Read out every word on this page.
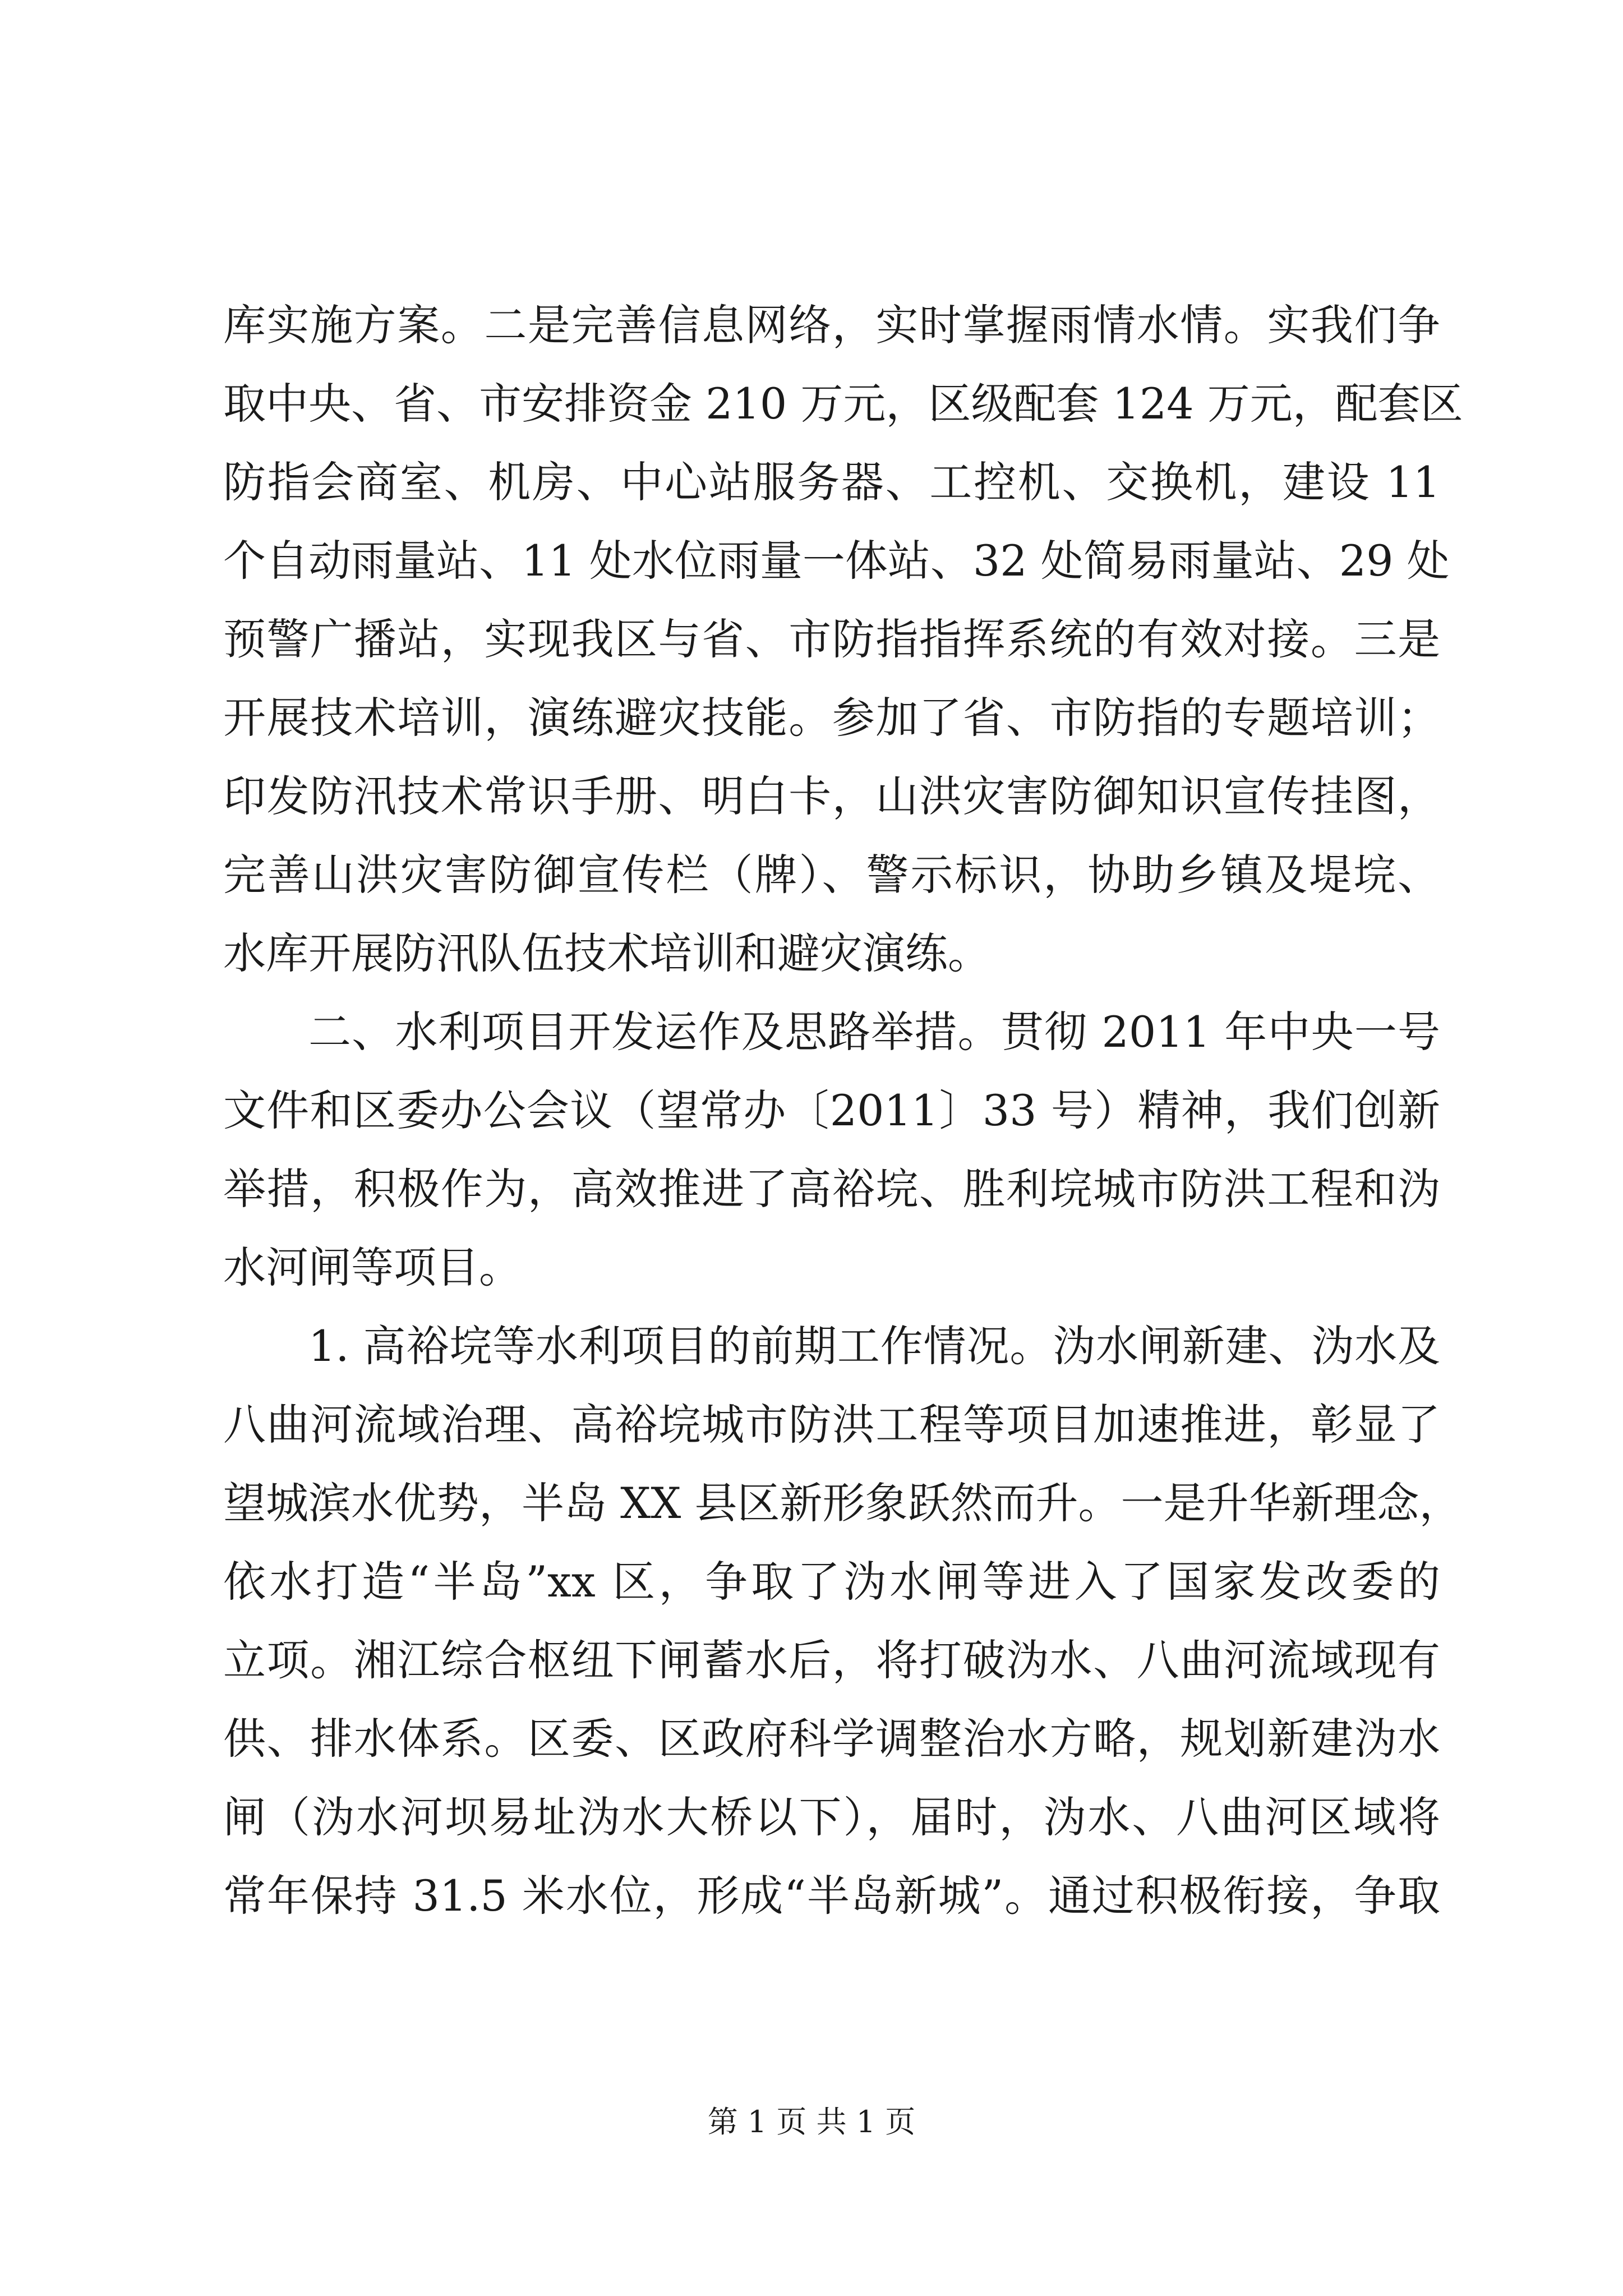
库实施方案。二是完善信息网络，实时掌握雨情水情。实我们争
取中央、省、市安排资金 210 万元，区级配套 124 万元，配套区
防指会商室、机房、中心站服务器、工控机、交换机，建设 11
个自动雨量站、11 处水位雨量一体站、32 处简易雨量站、29 处
预警广播站，实现我区与省、市防指指挥系统的有效对接。三是
开展技术培训，演练避灾技能。参加了省、市防指的专题培训；
印发防汛技术常识手册、明白卡，山洪灾害防御知识宣传挂图，
完善山洪灾害防御宣传栏（牌）、警示标识，协助乡镇及堤垸、
水库开展防汛队伍技术培训和避灾演练。
二、水利项目开发运作及思路举措。贯彻 2011 年中央一号
文件和区委办公会议（望常办〔2011〕33 号）精神，我们创新
举措，积极作为，高效推进了高裕垸、胜利垸城市防洪工程和沩
水河闸等项目。
1. 高裕垸等水利项目的前期工作情况。沩水闸新建、沩水及
八曲河流域治理、高裕垸城市防洪工程等项目加速推进，彰显了
望城滨水优势，半岛 XX 县区新形象跃然而升。一是升华新理念，
依水打造“半岛”xx 区，争取了沩水闸等进入了国家发改委的
立项。湘江综合枢纽下闸蓄水后，将打破沩水、八曲河流域现有
供、排水体系。区委、区政府科学调整治水方略，规划新建沩水
闸（沩水河坝易址沩水大桥以下），届时，沩水、八曲河区域将
常年保持 31.5 米水位，形成“半岛新城”。通过积极衔接，争取
第 1 页 共 1 页
